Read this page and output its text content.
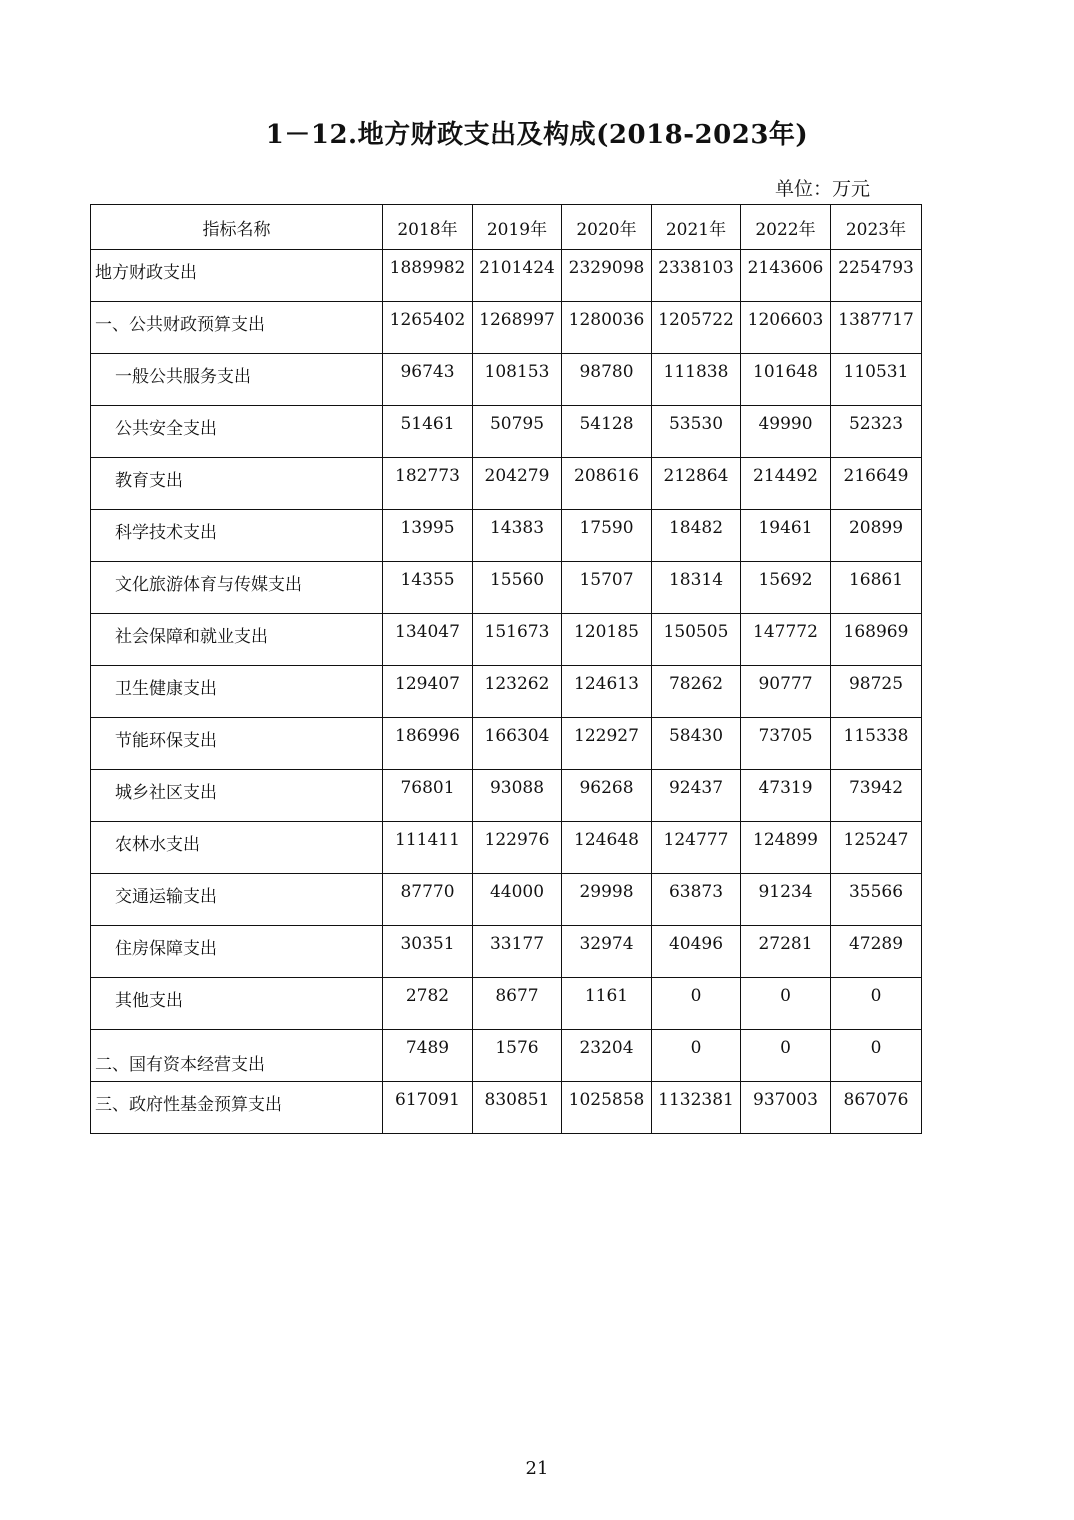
1－12.地方财政支出及构成(2018-2023年)
单位：万元
指标名称	2018年	2019年	2020年	2021年	2022年	2023年
地方财政支出	1889982	2101424	2329098	2338103	2143606	2254793
一、公共财政预算支出	1265402	1268997	1280036	1205722	1206603	1387717
一般公共服务支出	96743	108153	98780	111838	101648	110531
公共安全支出	51461	50795	54128	53530	49990	52323
教育支出	182773	204279	208616	212864	214492	216649
科学技术支出	13995	14383	17590	18482	19461	20899
文化旅游体育与传媒支出	14355	15560	15707	18314	15692	16861
社会保障和就业支出	134047	151673	120185	150505	147772	168969
卫生健康支出	129407	123262	124613	78262	90777	98725
节能环保支出	186996	166304	122927	58430	73705	115338
城乡社区支出	76801	93088	96268	92437	47319	73942
农林水支出	111411	122976	124648	124777	124899	125247
交通运输支出	87770	44000	29998	63873	91234	35566
住房保障支出	30351	33177	32974	40496	27281	47289
其他支出	2782	8677	1161	0	0	0
二、国有资本经营支出	7489	1576	23204	0	0	0
三、政府性基金预算支出	617091	830851	1025858	1132381	937003	867076
21
